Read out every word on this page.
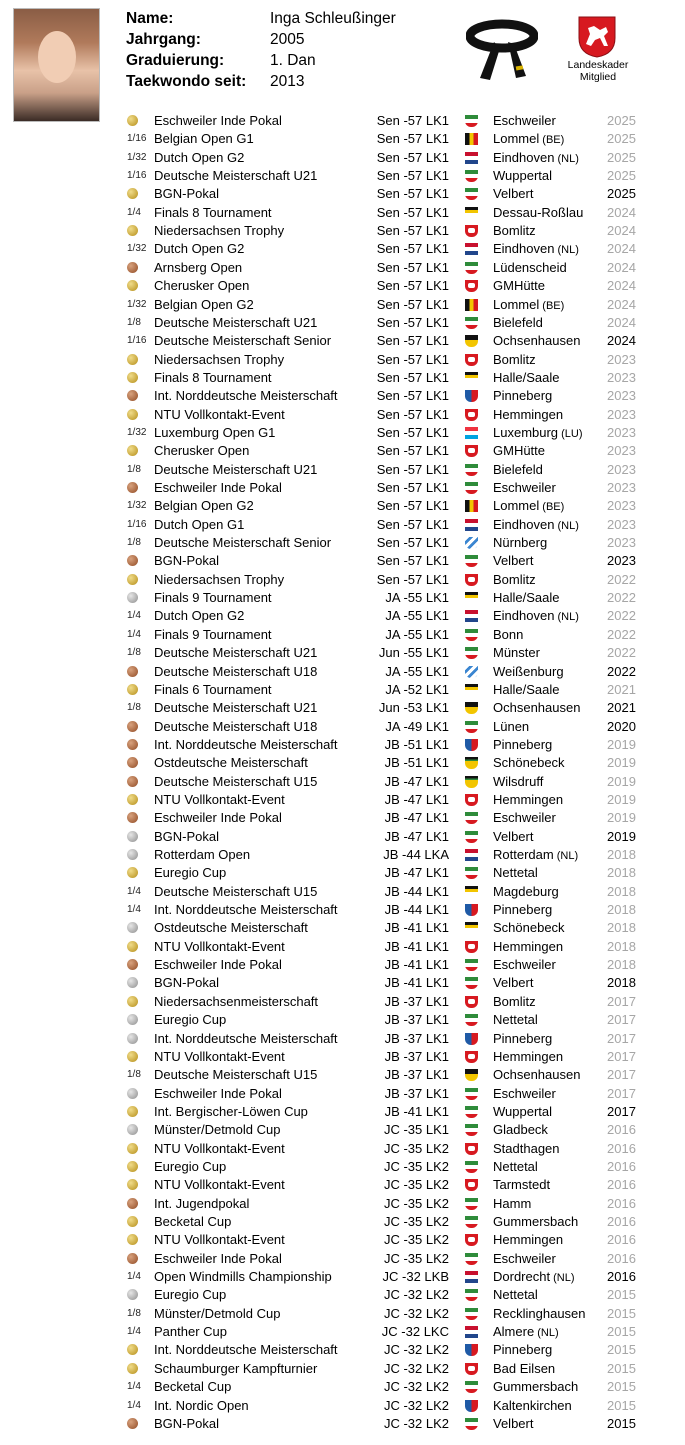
Name:	Inga Schleußinger
Jahrgang:	2005
Graduierung:	1. Dan
Taekwondo seit: 2013
Landeskader
Mitglied
Eschweiler Inde Pokal	Sen -57 LK1	Eschweiler	2025
1/16 Belgian Open G1	Sen -57 LK1	Lommel (BE)	2025
1/32 Dutch Open G2	Sen -57 LK1	Eindhoven (NL) 2025
1/16 Deutsche Meisterschaft U21	Sen -57 LK1	Wuppertal	2025
BGN-Pokal	Sen -57 LK1	Velbert	2025
1/4 Finals 8 Tournament	Sen -57 LK1	Dessau-Roßlau 2024
Niedersachsen Trophy	Sen -57 LK1	Bomlitz	2024
1/32 Dutch Open G2	Sen -57 LK1	Eindhoven (NL) 2024
Arnsberg Open	Sen -57 LK1	Lüdenscheid	2024
Cherusker Open	Sen -57 LK1	GMHütte	2024
1/32 Belgian Open G2	Sen -57 LK1	Lommel (BE)	2024
1/8 Deutsche Meisterschaft U21	Sen -57 LK1	Bielefeld	2024
1/16 Deutsche Meisterschaft Senior	Sen -57 LK1	Ochsenhausen 2024
Niedersachsen Trophy	Sen -57 LK1	Bomlitz	2023
Finals 8 Tournament	Sen -57 LK1	Halle/Saale	2023
Int. Norddeutsche Meisterschaft	Sen -57 LK1	Pinneberg	2023
NTU Vollkontakt-Event	Sen -57 LK1	Hemmingen	2023
1/32 Luxemburg Open G1	Sen -57 LK1	Luxemburg (LU) 2023
Cherusker Open	Sen -57 LK1	GMHütte	2023
1/8 Deutsche Meisterschaft U21	Sen -57 LK1	Bielefeld	2023
Eschweiler Inde Pokal	Sen -57 LK1	Eschweiler	2023
1/32 Belgian Open G2	Sen -57 LK1	Lommel (BE)	2023
1/16 Dutch Open G1	Sen -57 LK1	Eindhoven (NL) 2023
1/8 Deutsche Meisterschaft Senior	Sen -57 LK1	Nürnberg	2023
BGN-Pokal	Sen -57 LK1	Velbert	2023
Niedersachsen Trophy	Sen -57 LK1	Bomlitz	2022
Finals 9 Tournament	JA -55 LK1	Halle/Saale	2022
1/4 Dutch Open G2	JA -55 LK1	Eindhoven (NL) 2022
1/4 Finals 9 Tournament	JA -55 LK1	Bonn	2022
1/8 Deutsche Meisterschaft U21	Jun -55 LK1	Münster	2022
Deutsche Meisterschaft U18	JA -55 LK1	Weißenburg	2022
Finals 6 Tournament	JA -52 LK1	Halle/Saale	2021
1/8 Deutsche Meisterschaft U21	Jun -53 LK1	Ochsenhausen 2021
Deutsche Meisterschaft U18	JA -49 LK1	Lünen	2020
Int. Norddeutsche Meisterschaft	JB -51 LK1	Pinneberg	2019
Ostdeutsche Meisterschaft	JB -51 LK1	Schönebeck	2019
Deutsche Meisterschaft U15	JB -47 LK1	Wilsdruff	2019
NTU Vollkontakt-Event	JB -47 LK1	Hemmingen	2019
Eschweiler Inde Pokal	JB -47 LK1	Eschweiler	2019
BGN-Pokal	JB -47 LK1	Velbert	2019
Rotterdam Open	JB -44 LKA	Rotterdam (NL) 2018
Euregio Cup	JB -47 LK1	Nettetal	2018
1/4 Deutsche Meisterschaft U15	JB -44 LK1	Magdeburg	2018
1/4 Int. Norddeutsche Meisterschaft	JB -44 LK1	Pinneberg	2018
Ostdeutsche Meisterschaft	JB -41 LK1	Schönebeck	2018
NTU Vollkontakt-Event	JB -41 LK1	Hemmingen	2018
Eschweiler Inde Pokal	JB -41 LK1	Eschweiler	2018
BGN-Pokal	JB -41 LK1	Velbert	2018
Niedersachsenmeisterschaft	JB -37 LK1	Bomlitz	2017
Euregio Cup	JB -37 LK1	Nettetal	2017
Int. Norddeutsche Meisterschaft	JB -37 LK1	Pinneberg	2017
NTU Vollkontakt-Event	JB -37 LK1	Hemmingen	2017
1/8 Deutsche Meisterschaft U15	JB -37 LK1	Ochsenhausen 2017
Eschweiler Inde Pokal	JB -37 LK1	Eschweiler	2017
Int. Bergischer-Löwen Cup	JB -41 LK1	Wuppertal	2017
Münster/Detmold Cup	JC -35 LK1	Gladbeck	2016
NTU Vollkontakt-Event	JC -35 LK2	Stadthagen	2016
Euregio Cup	JC -35 LK2	Nettetal	2016
NTU Vollkontakt-Event	JC -35 LK2	Tarmstedt	2016
Int. Jugendpokal	JC -35 LK2	Hamm	2016
Becketal Cup	JC -35 LK2	Gummersbach 2016
NTU Vollkontakt-Event	JC -35 LK2	Hemmingen	2016
Eschweiler Inde Pokal	JC -35 LK2	Eschweiler	2016
1/4 Open Windmills Championship	JC -32 LKB	Dordrecht (NL) 2016
Euregio Cup	JC -32 LK2	Nettetal	2015
1/8 Münster/Detmold Cup	JC -32 LK2	Recklinghausen 2015
1/4 Panther Cup	JC -32 LKC	Almere (NL)	2015
Int. Norddeutsche Meisterschaft	JC -32 LK2	Pinneberg	2015
Schaumburger Kampfturnier	JC -32 LK2	Bad Eilsen	2015
1/4 Becketal Cup	JC -32 LK2	Gummersbach 2015
1/4 Int. Nordic Open	JC -32 LK2	Kaltenkirchen	2015
BGN-Pokal	JC -32 LK2	Velbert	2015
